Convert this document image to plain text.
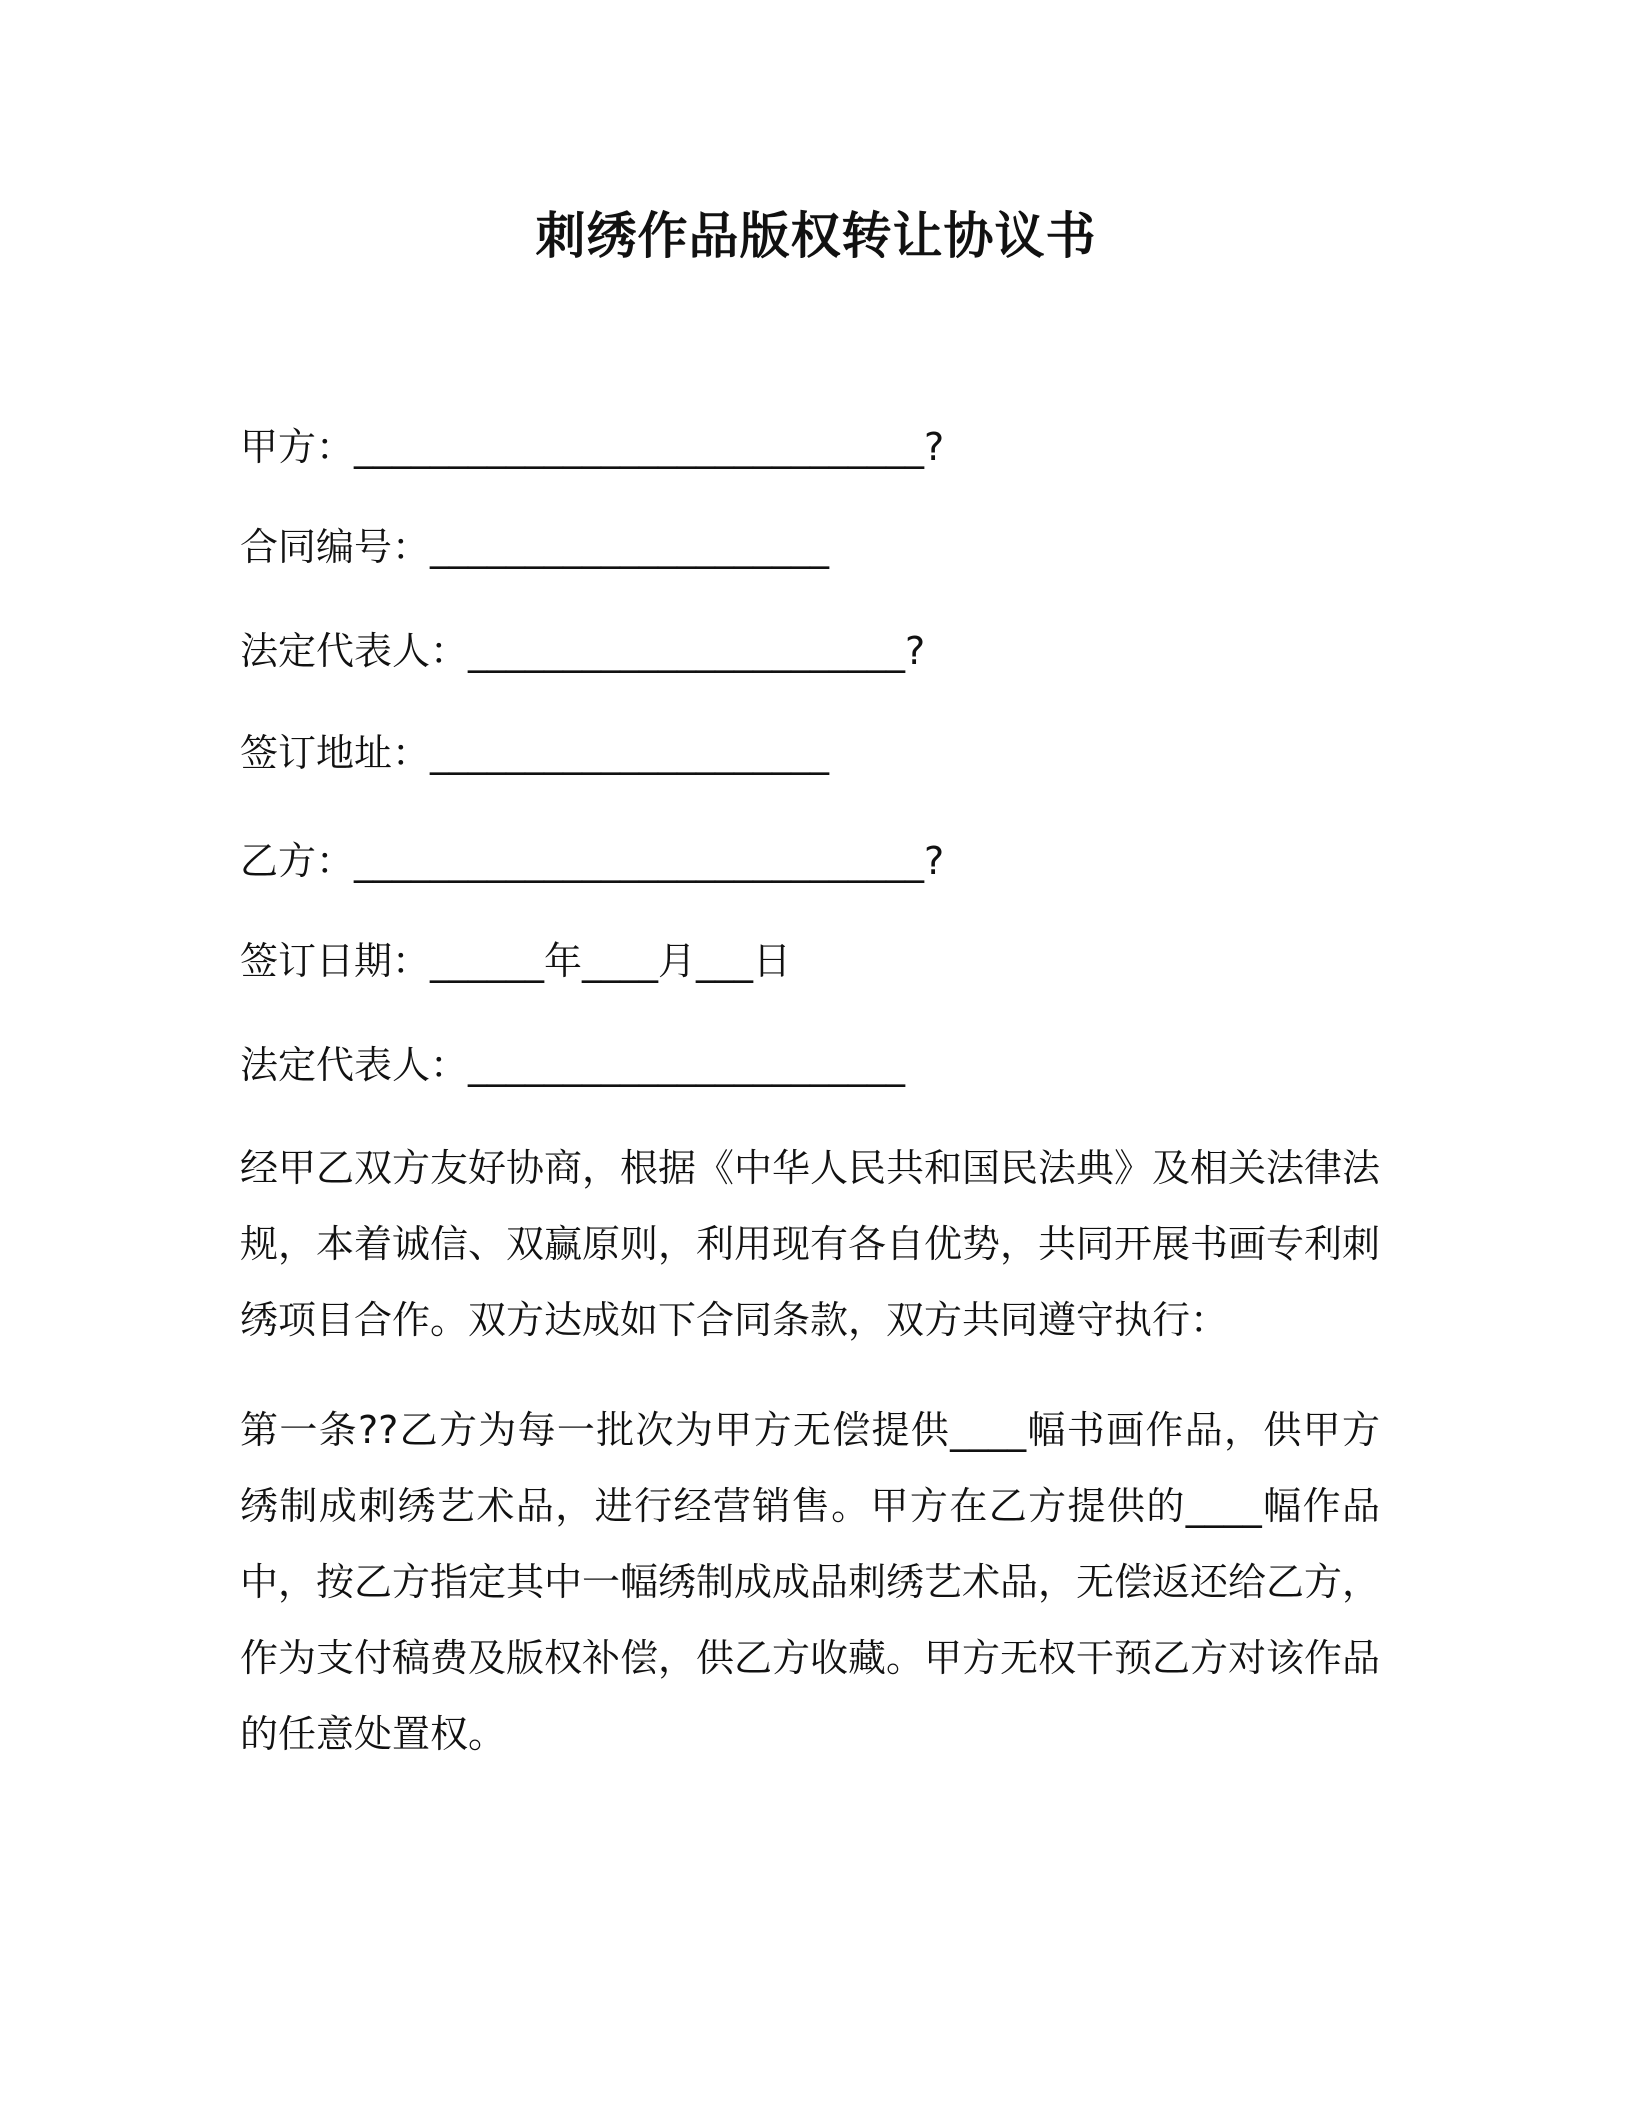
刺绣作品版权转让协议书

甲方：______________________________?

合同编号：_____________________

法定代表人：_______________________?

签订地址：_____________________

乙方：______________________________?

签订日期：______年____月___日

法定代表人：_______________________

经甲乙双方友好协商，根据《中华人民共和国民法典》及相关法律法规，本着诚信、双赢原则，利用现有各自优势，共同开展书画专利刺绣项目合作。双方达成如下合同条款，双方共同遵守执行：

第一条??乙方为每一批次为甲方无偿提供____幅书画作品，供甲方绣制成刺绣艺术品，进行经营销售。甲方在乙方提供的____幅作品中，按乙方指定其中一幅绣制成成品刺绣艺术品，无偿返还给乙方，作为支付稿费及版权补偿，供乙方收藏。甲方无权干预乙方对该作品的任意处置权。
